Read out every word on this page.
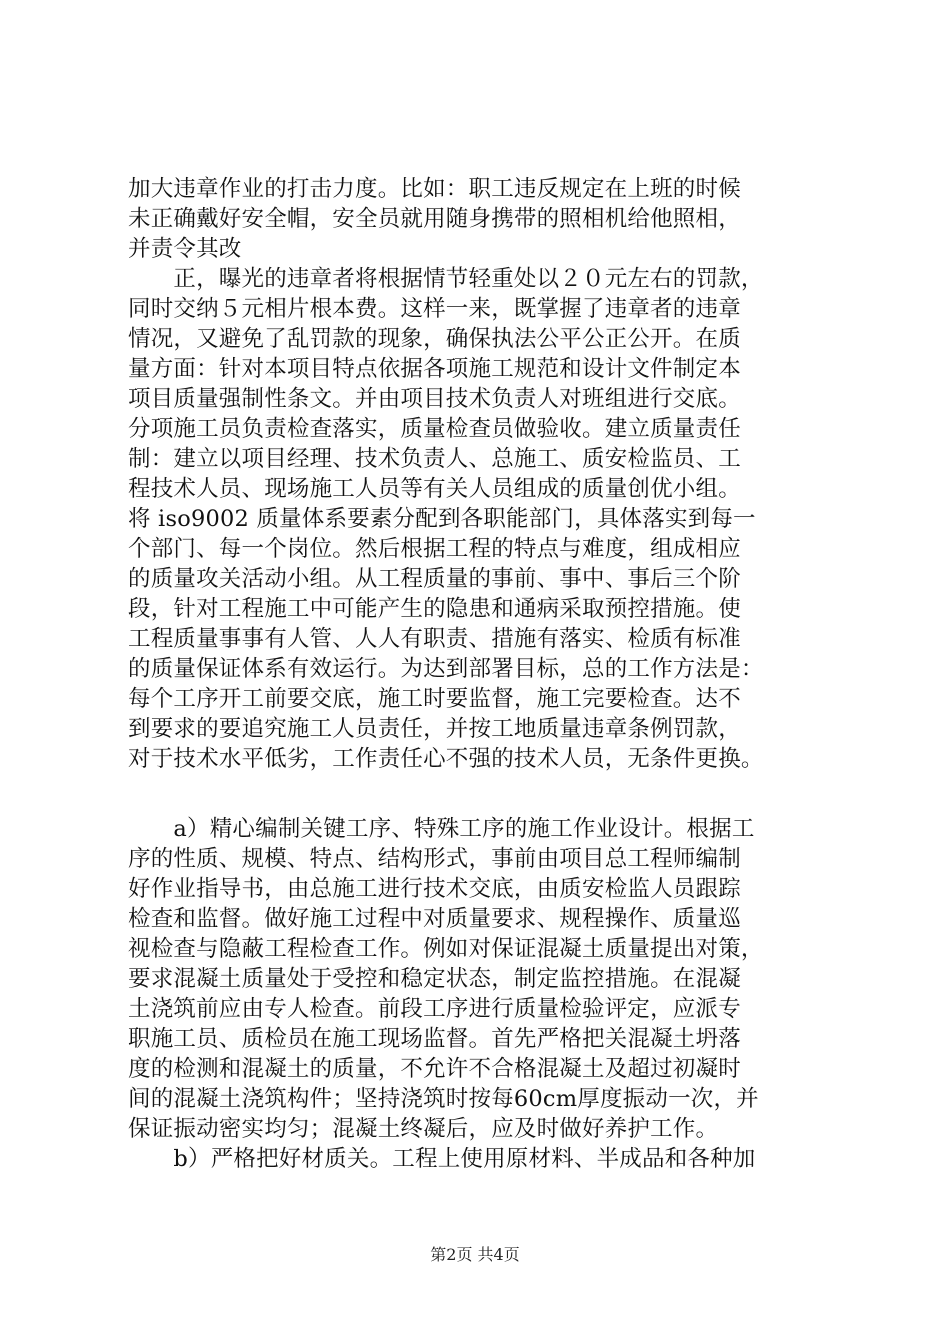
加大违章作业的打击力度。比如：职工违反规定在上班的时候
未正确戴好安全帽，安全员就用随身携带的照相机给他照相，
并责令其改
　　正，曝光的违章者将根据情节轻重处以２０元左右的罚款，
同时交纳５元相片根本费。这样一来，既掌握了违章者的违章
情况，又避免了乱罚款的现象，确保执法公平公正公开。在质
量方面：针对本项目特点依据各项施工规范和设计文件制定本
项目质量强制性条文。并由项目技术负责人对班组进行交底。
分项施工员负责检查落实，质量检查员做验收。建立质量责任
制：建立以项目经理、技术负责人、总施工、质安检监员、工
程技术人员、现场施工人员等有关人员组成的质量创优小组。
将 iso9002 质量体系要素分配到各职能部门，具体落实到每一
个部门、每一个岗位。然后根据工程的特点与难度，组成相应
的质量攻关活动小组。从工程质量的事前、事中、事后三个阶
段，针对工程施工中可能产生的隐患和通病采取预控措施。使
工程质量事事有人管、人人有职责、措施有落实、检质有标准
的质量保证体系有效运行。为达到部署目标，总的工作方法是：
每个工序开工前要交底，施工时要监督，施工完要检查。达不
到要求的要追究施工人员责任，并按工地质量违章条例罚款，
对于技术水平低劣，工作责任心不强的技术人员，无条件更换。
　　a）精心编制关键工序、特殊工序的施工作业设计。根据工
序的性质、规模、特点、结构形式，事前由项目总工程师编制
好作业指导书，由总施工进行技术交底，由质安检监人员跟踪
检查和监督。做好施工过程中对质量要求、规程操作、质量巡
视检查与隐蔽工程检查工作。例如对保证混凝土质量提出对策，
要求混凝土质量处于受控和稳定状态，制定监控措施。在混凝
土浇筑前应由专人检查。前段工序进行质量检验评定，应派专
职施工员、质检员在施工现场监督。首先严格把关混凝土坍落
度的检测和混凝土的质量，不允许不合格混凝土及超过初凝时
间的混凝土浇筑构件；坚持浇筑时按每60cm厚度振动一次，并
保证振动密实均匀；混凝土终凝后，应及时做好养护工作。
　　b）严格把好材质关。工程上使用原材料、半成品和各种加
第2页 共4页
